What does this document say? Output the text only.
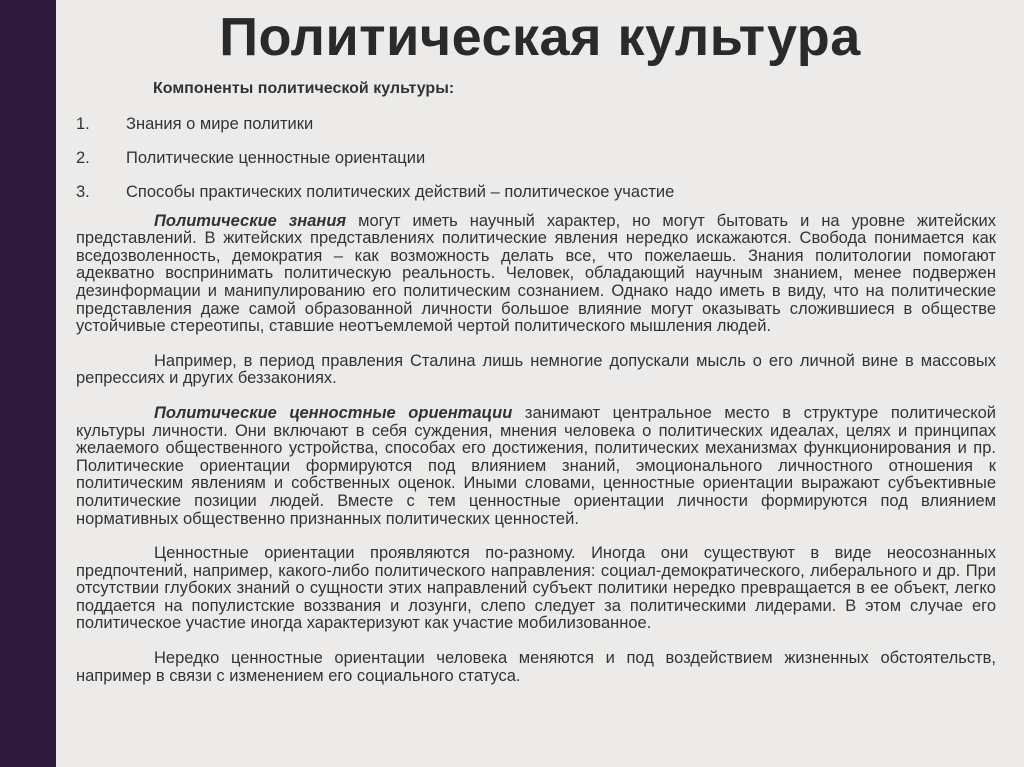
Политическая культура
Компоненты политической культуры:
1.	Знания о мире политики
2.	Политические ценностные ориентации
3.	Способы практических политических действий – политическое участие

Политические знания могут иметь научный характер, но могут бытовать и на уровне житейских представлений. В житейских представлениях политические явления нередко искажаются. Свобода понимается как вседозволенность, демократия – как возможность делать все, что пожелаешь. Знания политологии помогают адекватно воспринимать политическую реальность. Человек, обладающий научным знанием, менее подвержен дезинформации и манипулированию его политическим сознанием. Однако надо иметь в виду, что на политические представления даже самой образованной личности большое влияние могут оказывать сложившиеся в обществе устойчивые стереотипы, ставшие неотъемлемой чертой политического мышления людей.

Например, в период правления Сталина лишь немногие допускали мысль о его личной вине в массовых репрессиях и других беззакониях.

Политические ценностные ориентации занимают центральное место в структуре политической культуры личности. Они включают в себя суждения, мнения человека о политических идеалах, целях и принципах желаемого общественного устройства, способах его достижения, политических механизмах функционирования и пр. Политические ориентации формируются под влиянием знаний, эмоционального личностного отношения к политическим явлениям и собственных оценок. Иными словами, ценностные ориентации выражают субъективные политические позиции людей. Вместе с тем ценностные ориентации личности формируются под влиянием нормативных общественно признанных политических ценностей.

Ценностные ориентации проявляются по-разному. Иногда они существуют в виде неосознанных предпочтений, например, какого-либо политического направления: социал-демократического, либерального и др. При отсутствии глубоких знаний о сущности этих направлений субъект политики нередко превращается в ее объект, легко поддается на популистские воззвания и лозунги, слепо следует за политическими лидерами. В этом случае его политическое участие иногда характеризуют как участие мобилизованное.

Нередко ценностные ориентации человека меняются и под воздействием жизненных обстоятельств, например в связи с изменением его социального статуса.
